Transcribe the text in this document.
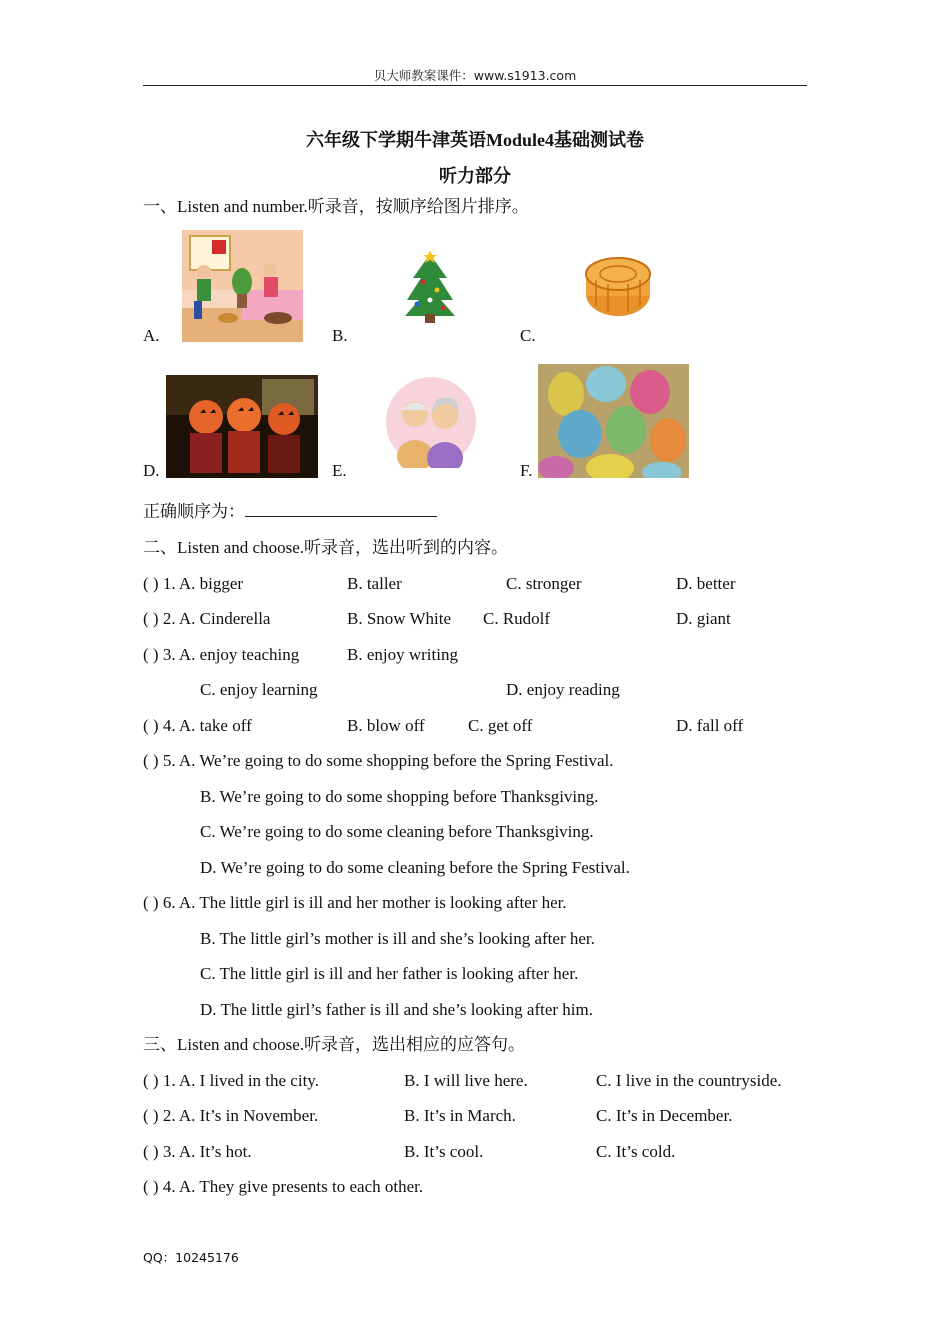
贝大师教案课件：www.s1913.com
六年级下学期牛津英语Module4基础测试卷
听力部分
一、Listen and number.听录音，按顺序给图片排序。
A.	B.	C.
D.	E.	F.
正确顺序为：
二、Listen and choose.听录音，选出听到的内容。
( ) 1. A. bigger	B. taller	C. stronger	D. better
( ) 2. A. Cinderella	B. Snow White C. Rudolf	D. giant
( ) 3. A. enjoy teaching	B. enjoy writing
C. enjoy learning	D. enjoy reading
( ) 4. A. take off	B. blow off	C. get off	D. fall off
( ) 5. A. We’re going to do some shopping before the Spring Festival.
B. We’re going to do some shopping before Thanksgiving.
C. We’re going to do some cleaning before Thanksgiving.
D. We’re going to do some cleaning before the Spring Festival.
( ) 6. A. The little girl is ill and her mother is looking after her.
B. The little girl’s mother is ill and she’s looking after her.
C. The little girl is ill and her father is looking after her.
D. The little girl’s father is ill and she’s looking after him.
三、Listen and choose.听录音，选出相应的应答句。
( ) 1. A. I lived in the city.	B. I will live here.	C. I live in the countryside.
( ) 2. A. It’s in November.	B. It’s in March.	C. It’s in December.
( ) 3. A. It’s hot.	B. It’s cool.	C. It’s cold.
( ) 4. A. They give presents to each other.
QQ：10245176
